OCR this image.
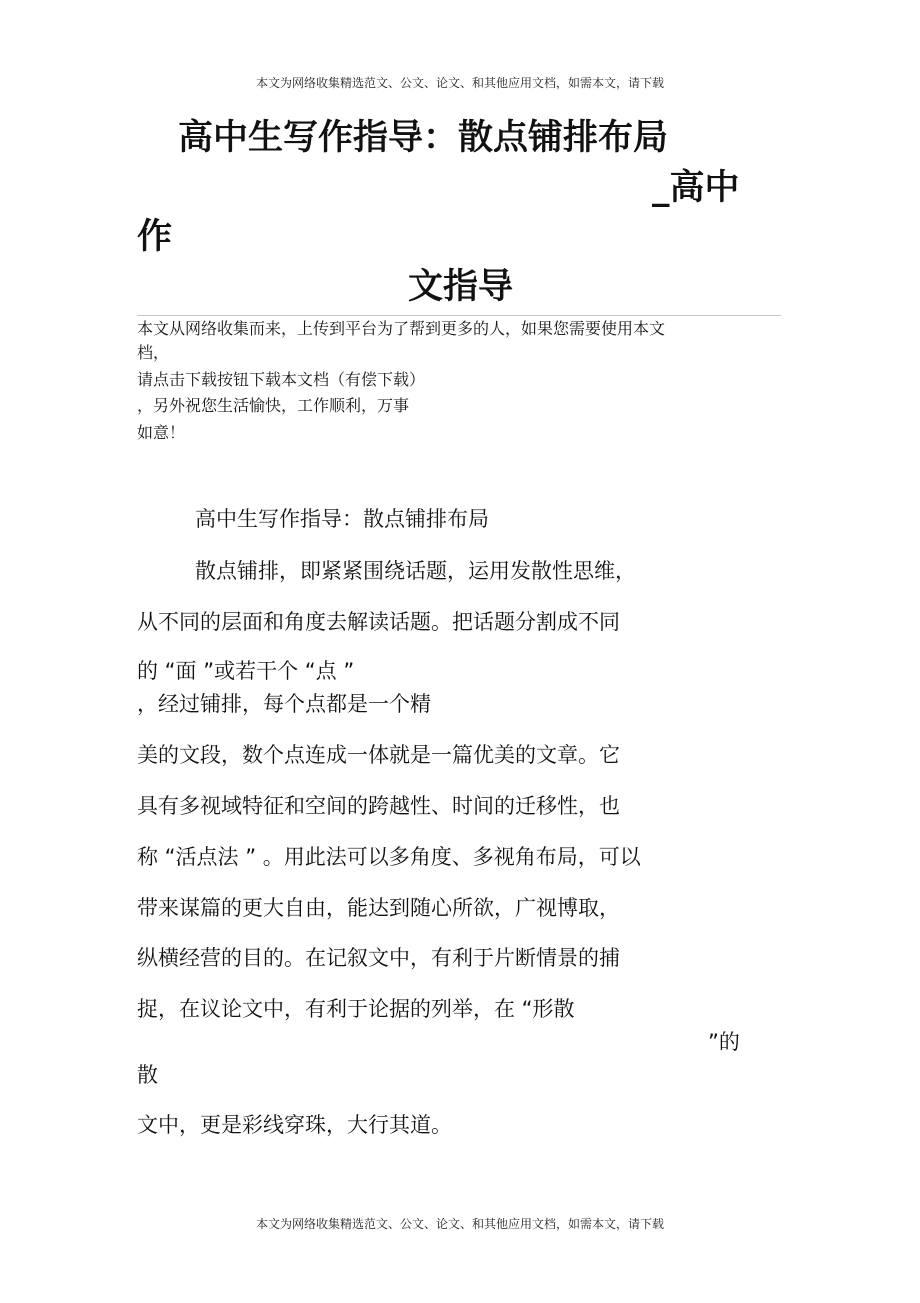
本文为网络收集精选范文、公文、论文、和其他应用文档，如需本文，请下载

高中生写作指导：散点铺排布局
_高中
作
文指导

本文从网络收集而来，上传到平台为了帮到更多的人，如果您需要使用本文

档，

请点击下载按钮下载本文档（有偿下载）

，另外祝您生活愉快，工作顺利，万事

如意！

高中生写作指导：散点铺排布局

散点铺排，即紧紧围绕话题，运用发散性思维，

从不同的层面和角度去解读话题。把话题分割成不同

的 “面 ”或若干个 “点 ”

，经过铺排，每个点都是一个精

美的文段，数个点连成一体就是一篇优美的文章。它

具有多视域特征和空间的跨越性、时间的迁移性，也

称 “活点法 ” 。用此法可以多角度、多视角布局，可以

带来谋篇的更大自由，能达到随心所欲，广视博取，

纵横经营的目的。在记叙文中，有利于片断情景的捕

捉，在议论文中，有利于论据的列举，在 “形散

”的

散

文中，更是彩线穿珠，大行其道。

本文为网络收集精选范文、公文、论文、和其他应用文档，如需本文，请下载
